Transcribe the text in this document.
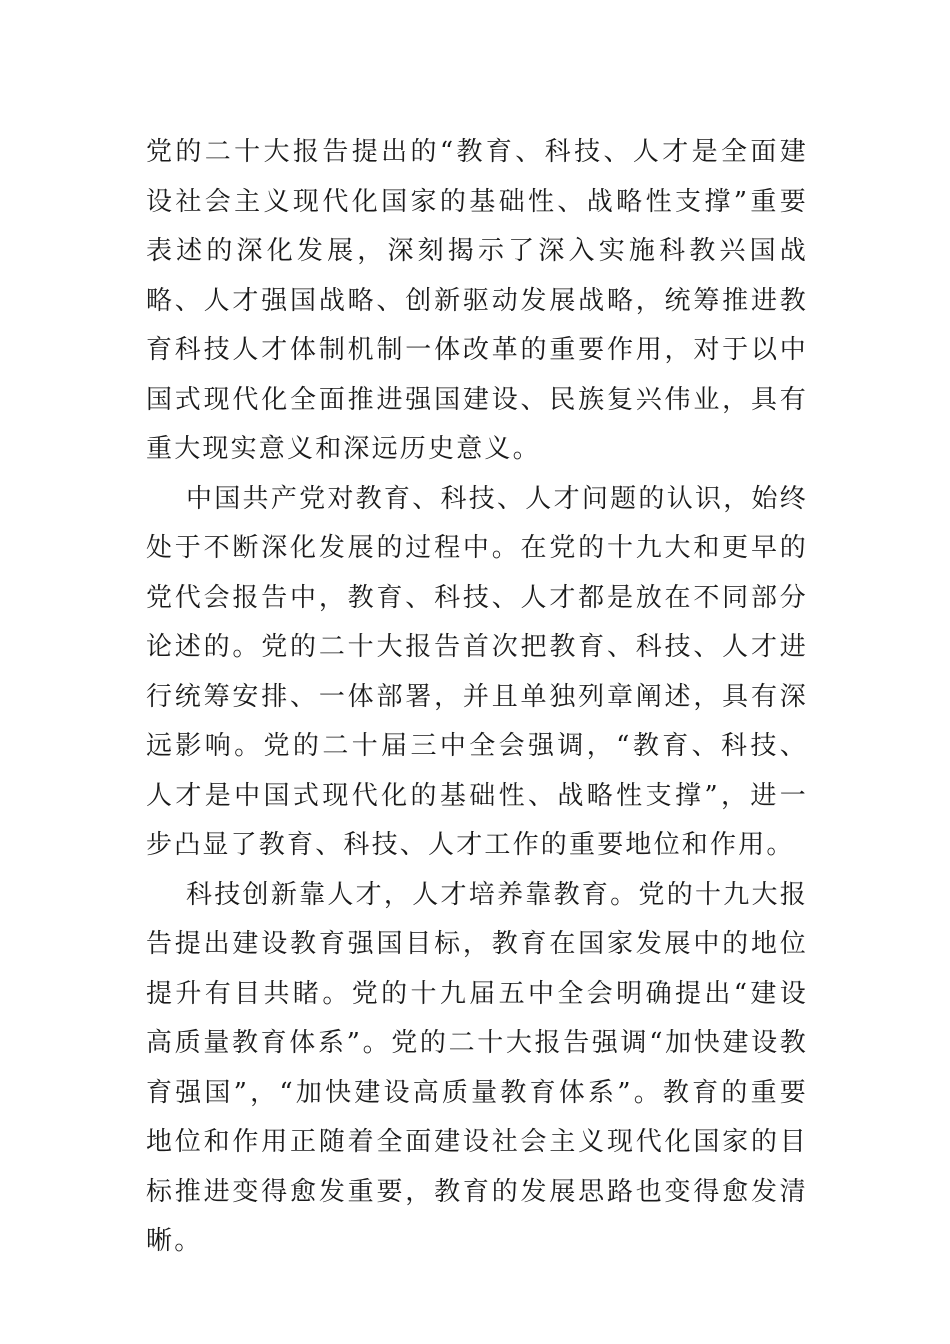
党的二十大报告提出的“教育、科技、人才是全面建设社会主义现代化国家的基础性、战略性支撑”重要表述的深化发展，深刻揭示了深入实施科教兴国战略、人才强国战略、创新驱动发展战略，统筹推进教育科技人才体制机制一体改革的重要作用，对于以中国式现代化全面推进强国建设、民族复兴伟业，具有重大现实意义和深远历史意义。

中国共产党对教育、科技、人才问题的认识，始终处于不断深化发展的过程中。在党的十九大和更早的党代会报告中，教育、科技、人才都是放在不同部分论述的。党的二十大报告首次把教育、科技、人才进行统筹安排、一体部署，并且单独列章阐述，具有深远影响。党的二十届三中全会强调，“教育、科技、人才是中国式现代化的基础性、战略性支撑”，进一步凸显了教育、科技、人才工作的重要地位和作用。

科技创新靠人才，人才培养靠教育。党的十九大报告提出建设教育强国目标，教育在国家发展中的地位提升有目共睹。党的十九届五中全会明确提出“建设高质量教育体系”。党的二十大报告强调“加快建设教育强国”，“加快建设高质量教育体系”。教育的重要地位和作用正随着全面建设社会主义现代化国家的目标推进变得愈发重要，教育的发展思路也变得愈发清晰。
